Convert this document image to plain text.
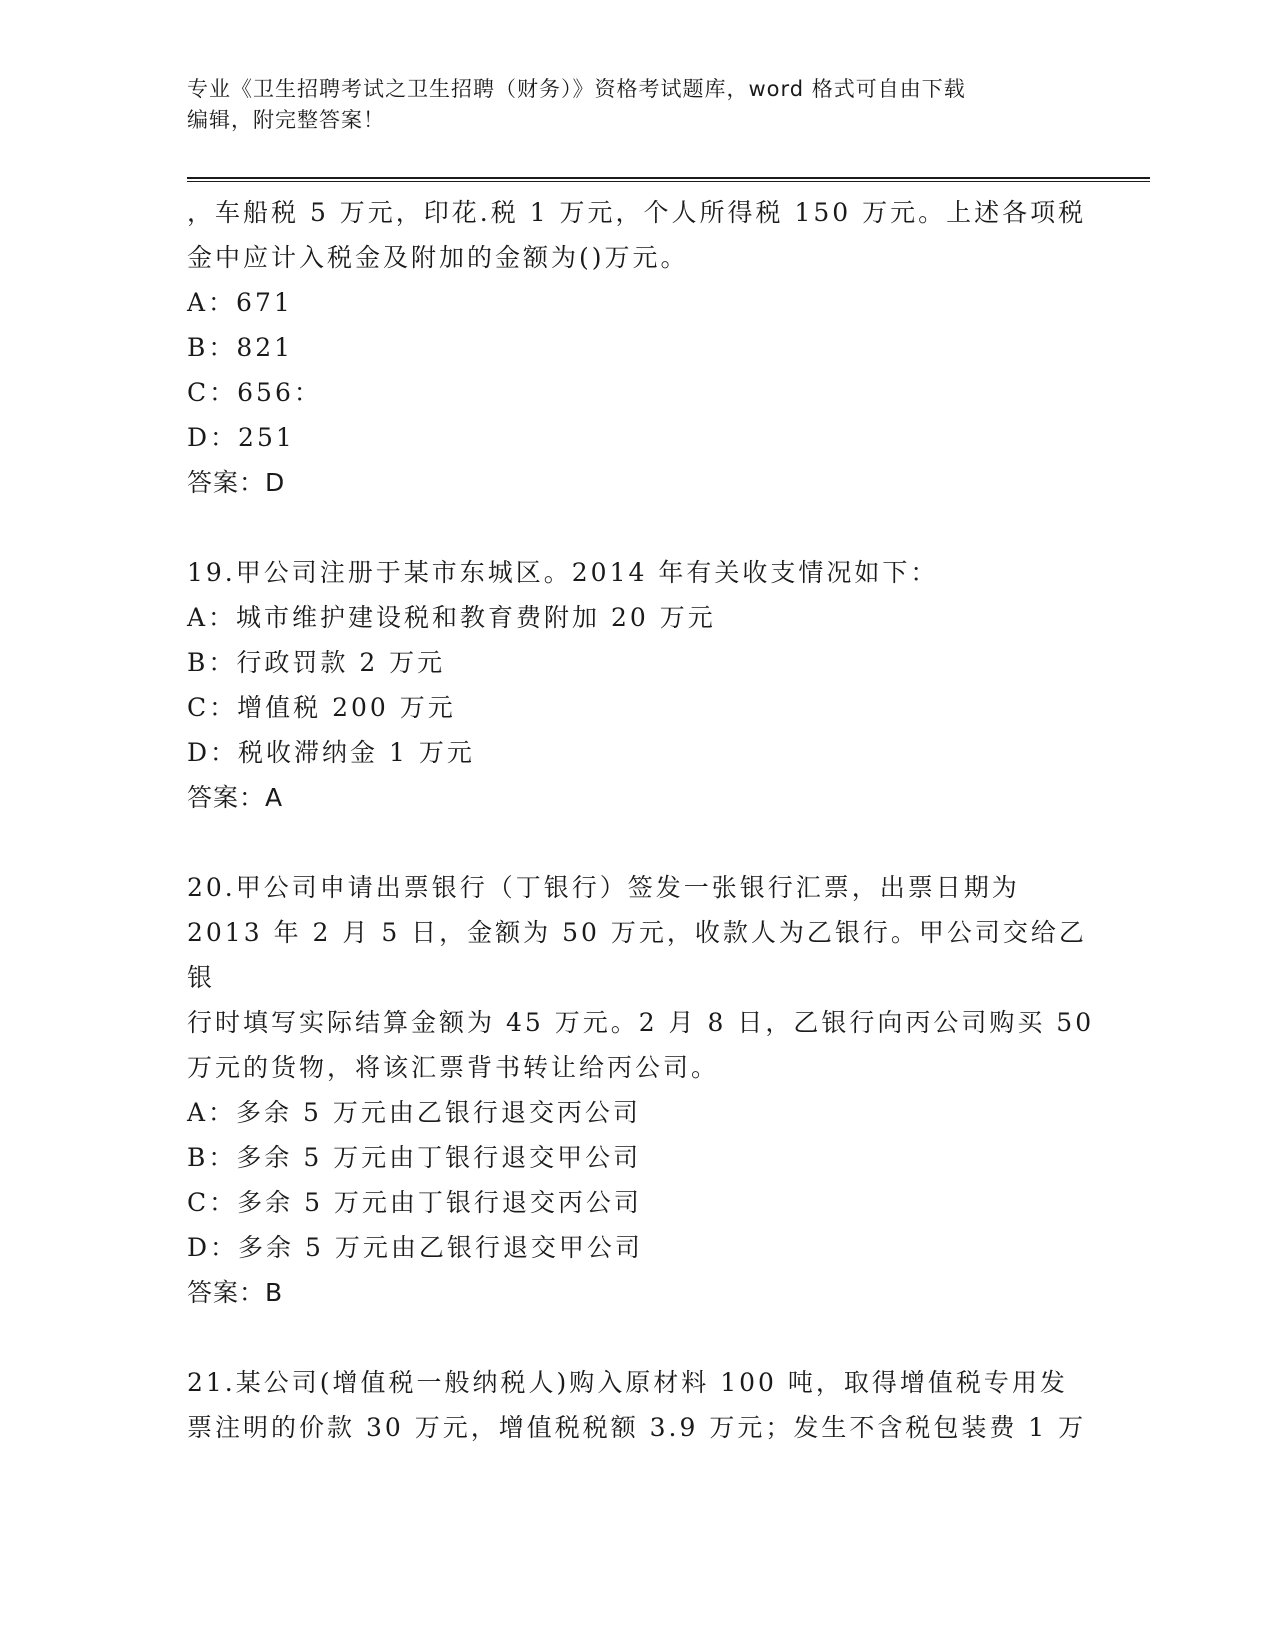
专业《卫生招聘考试之卫生招聘（财务）》资格考试题库，word 格式可自由下载
编辑，附完整答案！

，车船税 5 万元，印花.税 1 万元，个人所得税 150 万元。上述各项税

金中应计入税金及附加的金额为()万元。

A：671

B：821

C：656：

D：251

答案：D

19.甲公司注册于某市东城区。2014 年有关收支情况如下：

A：城市维护建设税和教育费附加 20 万元

B：行政罚款 2 万元

C：增值税 200 万元

D：税收滞纳金 1 万元

答案：A

20.甲公司申请出票银行（丁银行）签发一张银行汇票，出票日期为

2013 年 2 月 5 日，金额为 50 万元，收款人为乙银行。甲公司交给乙银

行时填写实际结算金额为 45 万元。2 月 8 日，乙银行向丙公司购买 50

万元的货物，将该汇票背书转让给丙公司。

A：多余 5 万元由乙银行退交丙公司

B：多余 5 万元由丁银行退交甲公司

C：多余 5 万元由丁银行退交丙公司

D：多余 5 万元由乙银行退交甲公司

答案：B

21.某公司(增值税一般纳税人)购入原材料 100 吨，取得增值税专用发

票注明的价款 30 万元，增值税税额 3.9 万元；发生不含税包装费 1 万
